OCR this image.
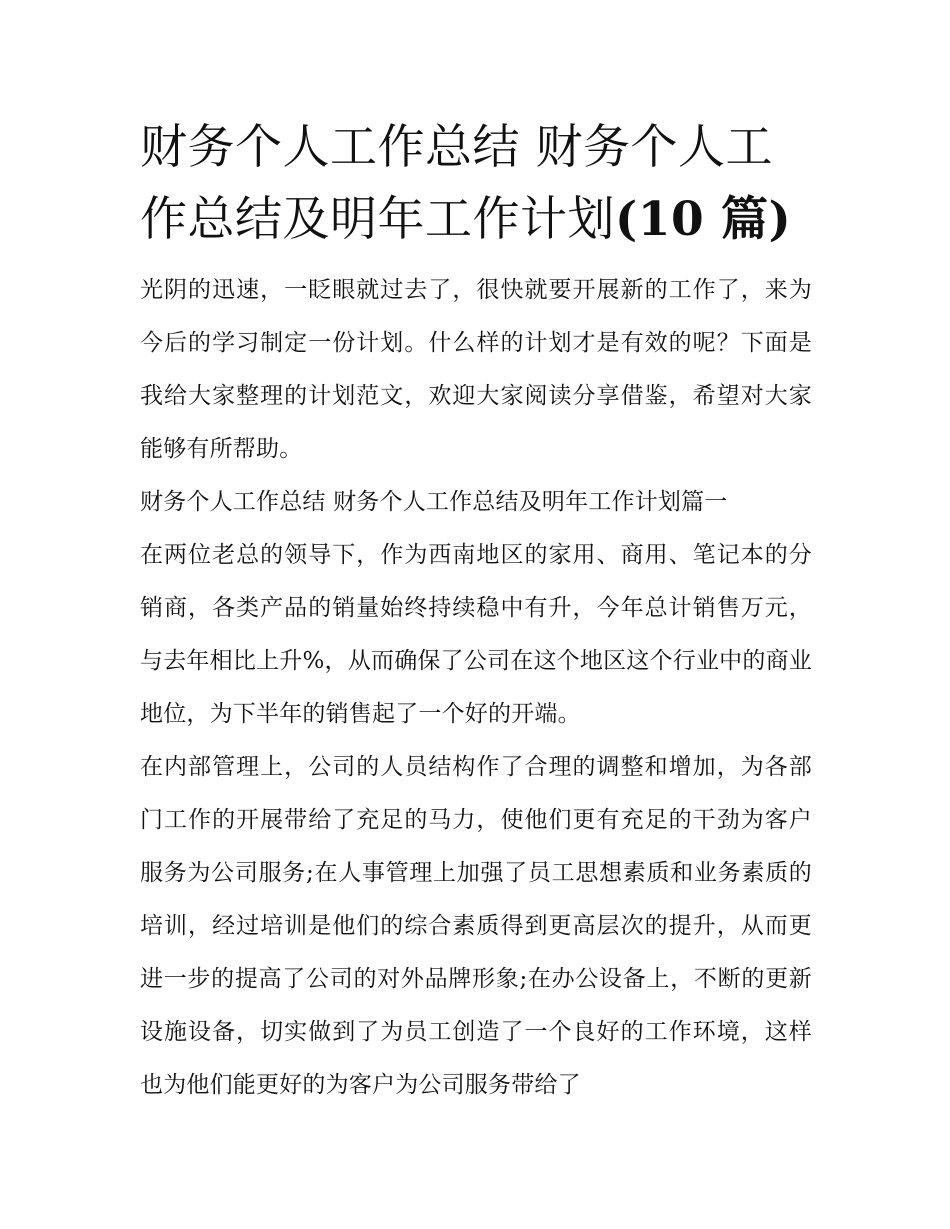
财务个人工作总结 财务个人工作总结及明年工作计划(10 篇)

光阴的迅速，一眨眼就过去了，很快就要开展新的工作了，来为今后的学习制定一份计划。什么样的计划才是有效的呢？下面是我给大家整理的计划范文，欢迎大家阅读分享借鉴，希望对大家能够有所帮助。

财务个人工作总结 财务个人工作总结及明年工作计划篇一

在两位老总的领导下，作为西南地区的家用、商用、笔记本的分销商，各类产品的销量始终持续稳中有升，今年总计销售万元，与去年相比上升%，从而确保了公司在这个地区这个行业中的商业地位，为下半年的销售起了一个好的开端。

在内部管理上，公司的人员结构作了合理的调整和增加，为各部门工作的开展带给了充足的马力，使他们更有充足的干劲为客户服务为公司服务;在人事管理上加强了员工思想素质和业务素质的培训，经过培训是他们的综合素质得到更高层次的提升，从而更进一步的提高了公司的对外品牌形象;在办公设备上，不断的更新设施设备，切实做到了为员工创造了一个良好的工作环境，这样也为他们能更好的为客户为公司服务带给了
